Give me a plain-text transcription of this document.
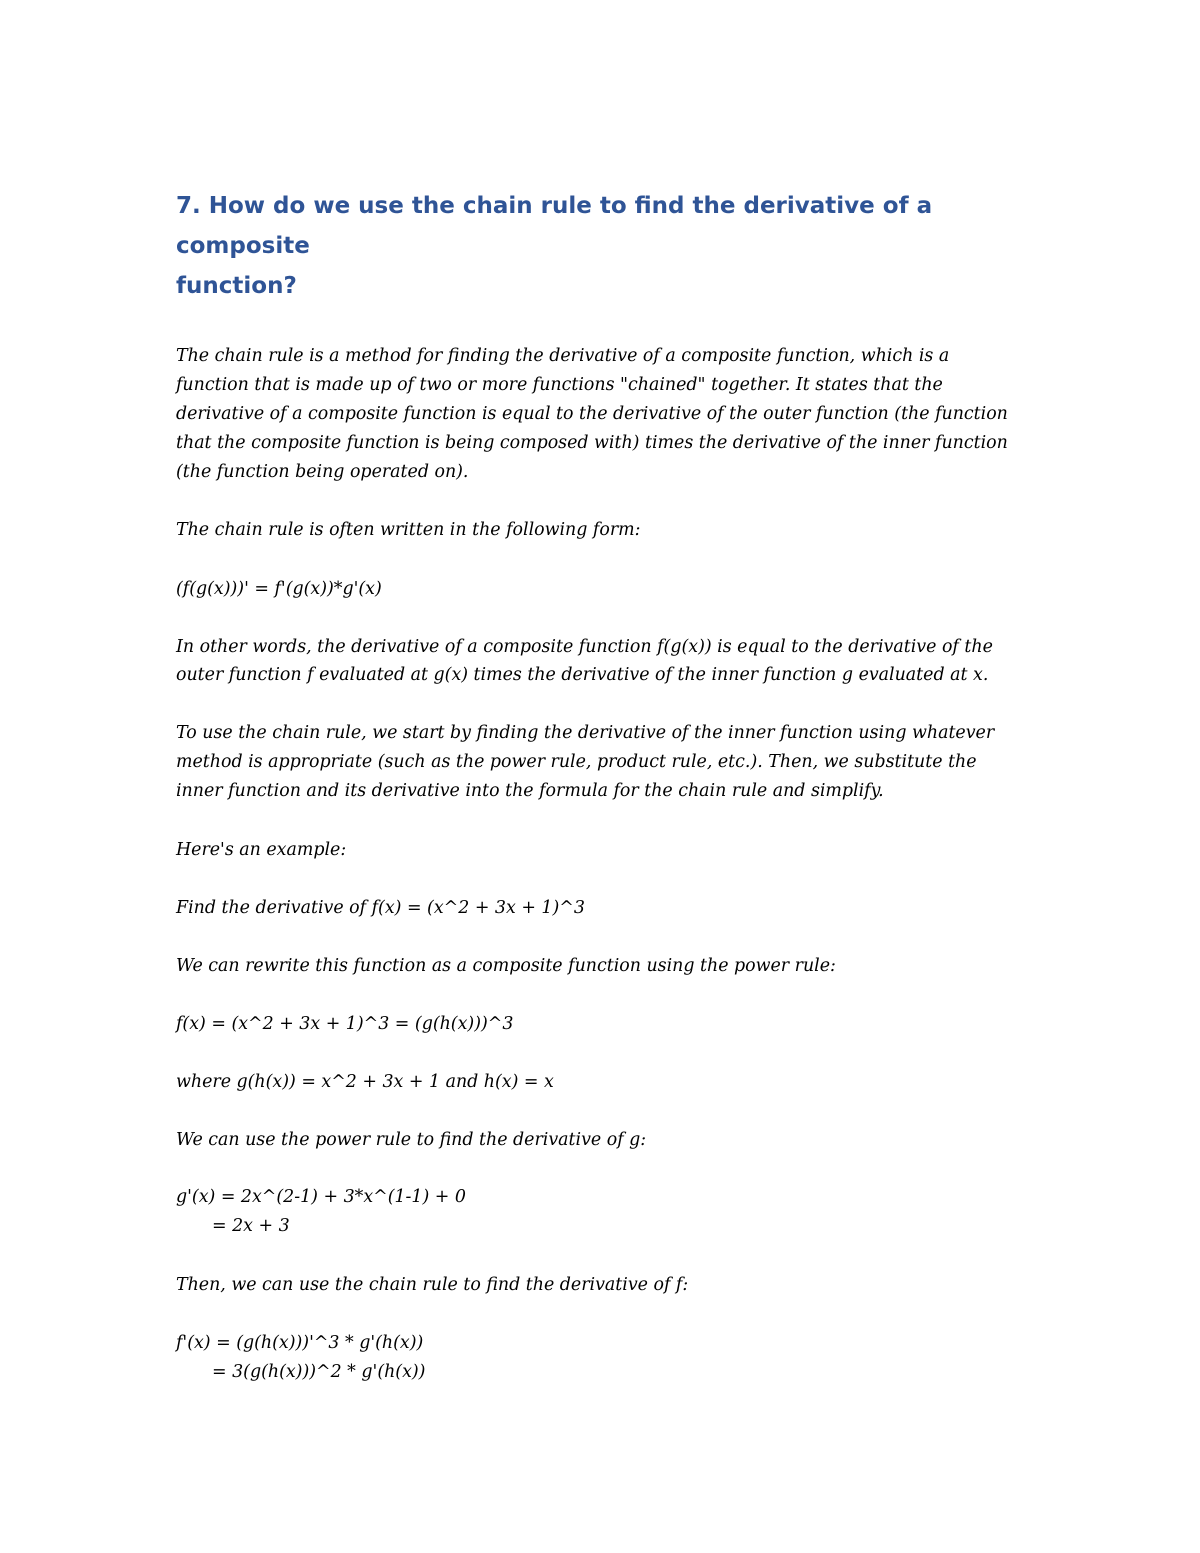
7. How do we use the chain rule to find the derivative of a composite
function?

The chain rule is a method for finding the derivative of a composite function, which is a

function that is made up of two or more functions "chained" together. It states that the

derivative of a composite function is equal to the derivative of the outer function (the function

that the composite function is being composed with) times the derivative of the inner function

(the function being operated on).

The chain rule is often written in the following form:

(f(g(x)))' = f'(g(x))*g'(x)

In other words, the derivative of a composite function f(g(x)) is equal to the derivative of the

outer function f evaluated at g(x) times the derivative of the inner function g evaluated at x.

To use the chain rule, we start by finding the derivative of the inner function using whatever

method is appropriate (such as the power rule, product rule, etc.). Then, we substitute the

inner function and its derivative into the formula for the chain rule and simplify.

Here's an example:

Find the derivative of f(x) = (x^2 + 3x + 1)^3

We can rewrite this function as a composite function using the power rule:

f(x) = (x^2 + 3x + 1)^3 = (g(h(x)))^3

where g(h(x)) = x^2 + 3x + 1 and h(x) = x

We can use the power rule to find the derivative of g:

g'(x) = 2x^(2-1) + 3*x^(1-1) + 0

= 2x + 3

Then, we can use the chain rule to find the derivative of f:

f'(x) = (g(h(x)))'^3 * g'(h(x))

= 3(g(h(x)))^2 * g'(h(x))
